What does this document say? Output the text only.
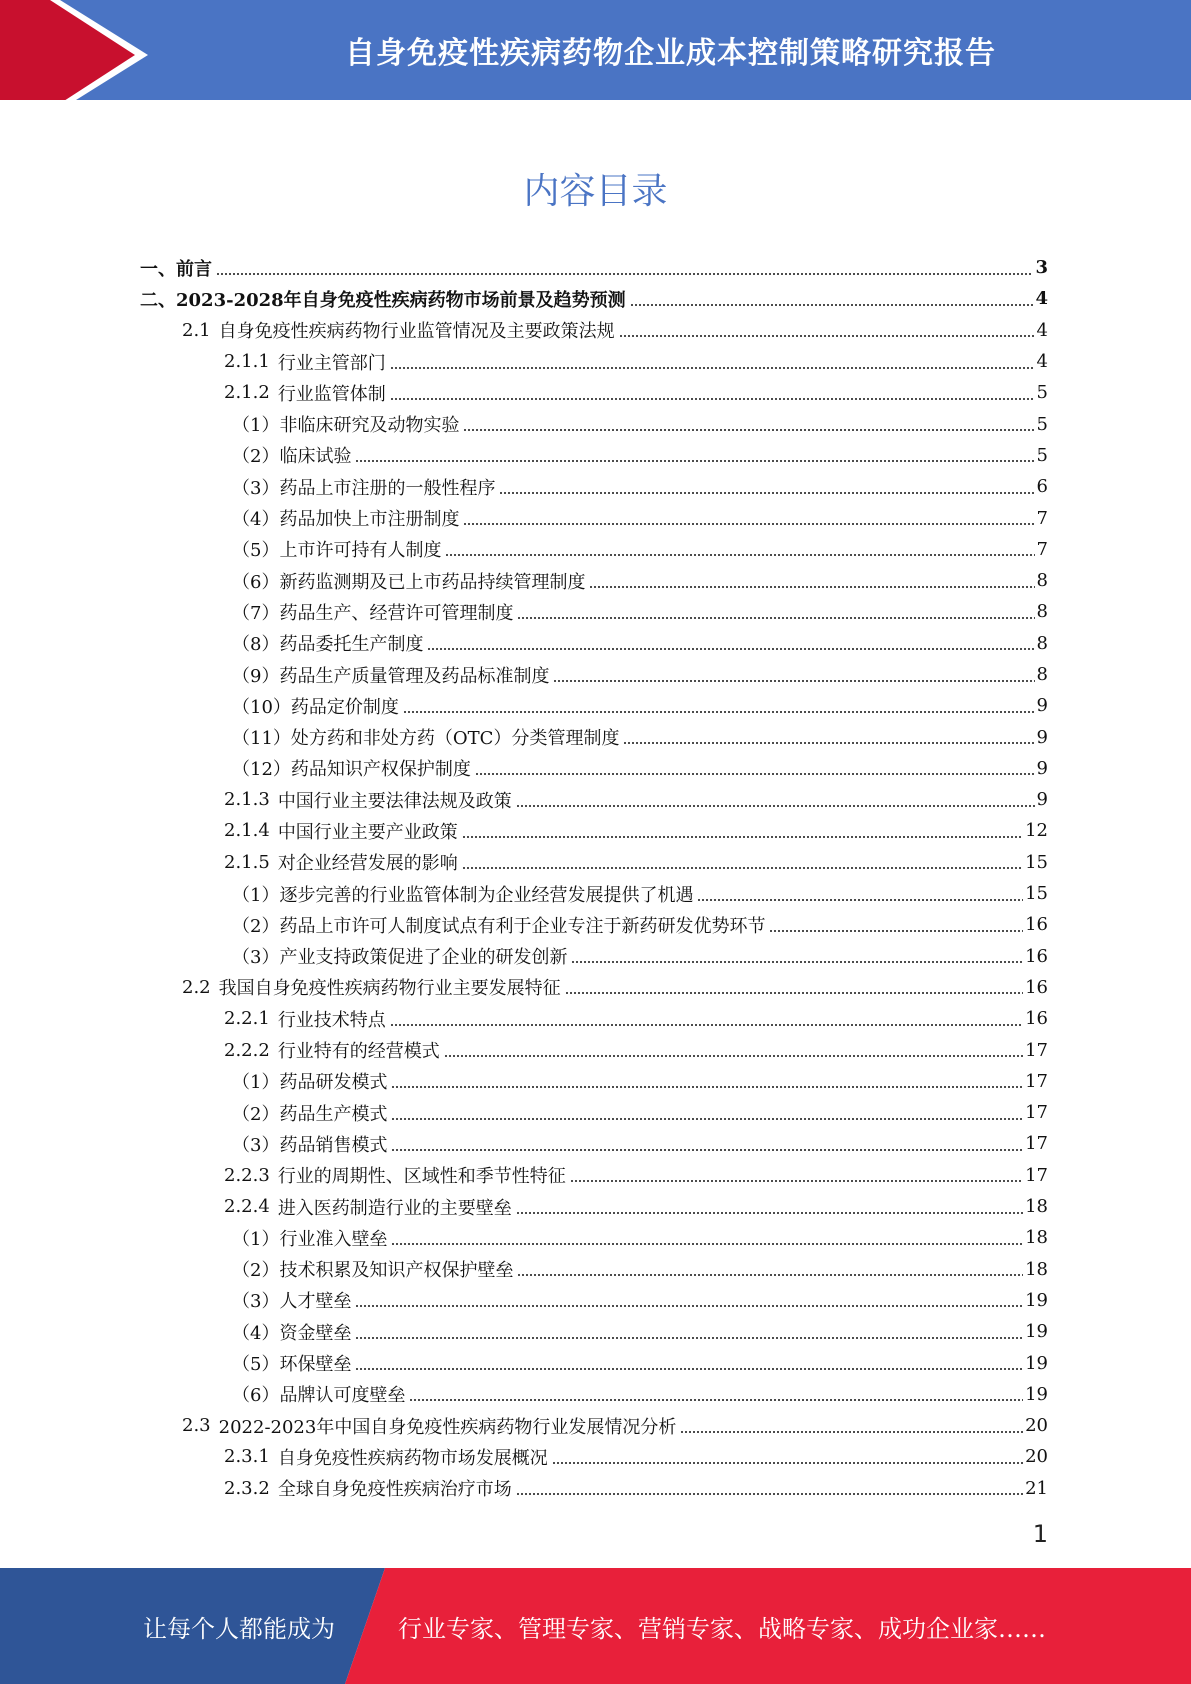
自身免疫性疾病药物企业成本控制策略研究报告
内容目录
一、前言	3
二、2023-2028年自身免疫性疾病药物市场前景及趋势预测	4
2.1 自身免疫性疾病药物行业监管情况及主要政策法规	4
2.1.1 行业主管部门	4
2.1.2 行业监管体制	5
（1）非临床研究及动物实验	5
（2）临床试验	5
（3）药品上市注册的一般性程序	6
（4）药品加快上市注册制度	7
（5）上市许可持有人制度	7
（6）新药监测期及已上市药品持续管理制度	8
（7）药品生产、经营许可管理制度	8
（8）药品委托生产制度	8
（9）药品生产质量管理及药品标准制度	8
（10）药品定价制度	9
（11）处方药和非处方药（OTC）分类管理制度	9
（12）药品知识产权保护制度	9
2.1.3 中国行业主要法律法规及政策	9
2.1.4 中国行业主要产业政策	12
2.1.5 对企业经营发展的影响	15
（1）逐步完善的行业监管体制为企业经营发展提供了机遇	15
（2）药品上市许可人制度试点有利于企业专注于新药研发优势环节	16
（3）产业支持政策促进了企业的研发创新	16
2.2 我国自身免疫性疾病药物行业主要发展特征	16
2.2.1 行业技术特点	16
2.2.2 行业特有的经营模式	17
（1）药品研发模式	17
（2）药品生产模式	17
（3）药品销售模式	17
2.2.3 行业的周期性、区域性和季节性特征	17
2.2.4 进入医药制造行业的主要壁垒	18
（1）行业准入壁垒	18
（2）技术积累及知识产权保护壁垒	18
（3）人才壁垒	19
（4）资金壁垒	19
（5）环保壁垒	19
（6）品牌认可度壁垒	19
2.3 2022-2023年中国自身免疫性疾病药物行业发展情况分析	20
2.3.1 自身免疫性疾病药物市场发展概况	20
2.3.2 全球自身免疫性疾病治疗市场	21
1
让每个人都能成为	行业专家、管理专家、营销专家、战略专家、成功企业家……
